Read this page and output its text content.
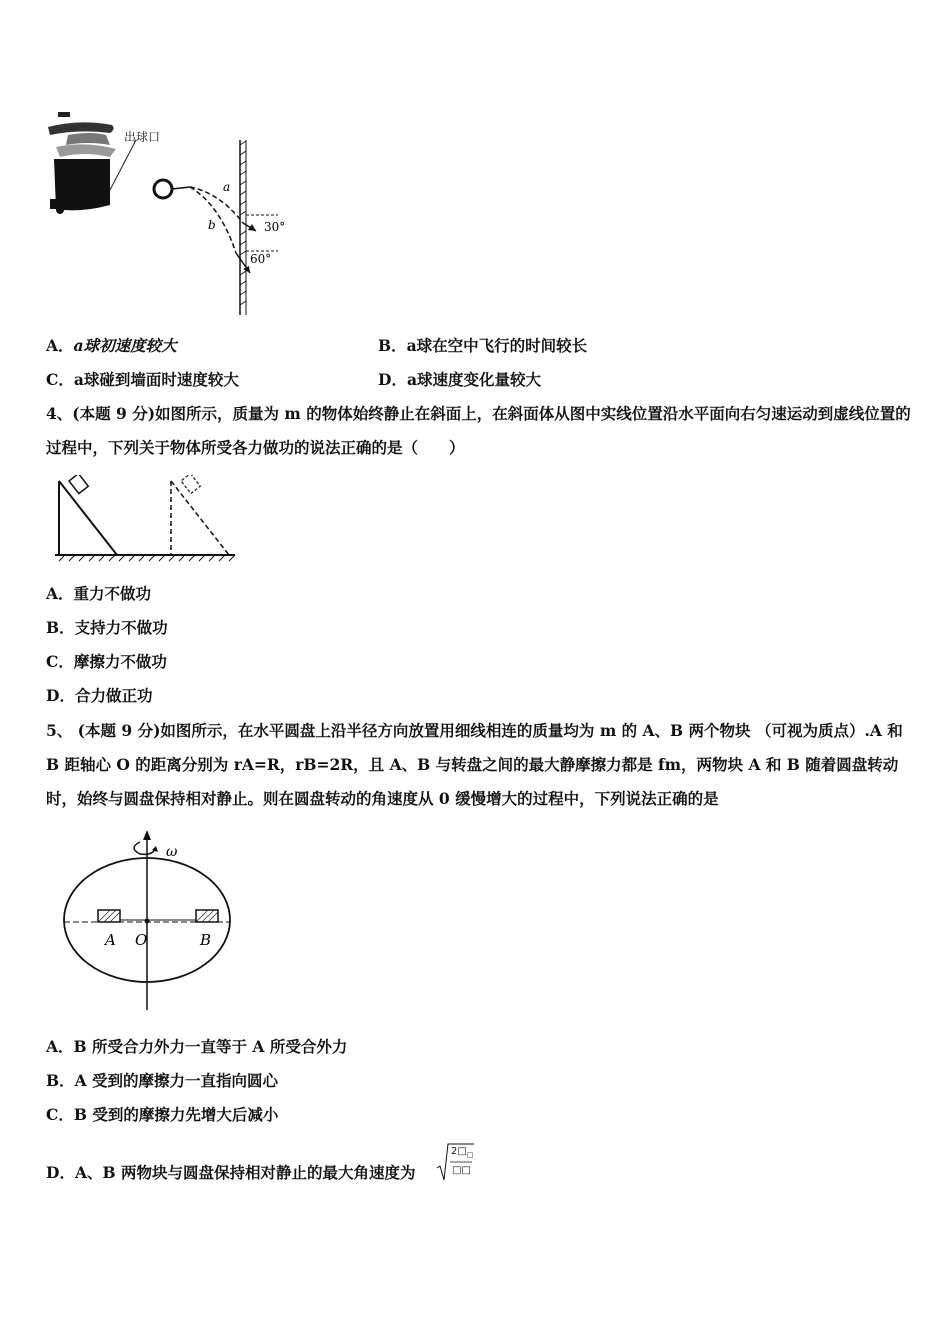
出球口
a
b	30°
60°
A．a球初速度较大	B．a球在空中飞行的时间较长
C．a球碰到墙面时速度较大	D．a球速度变化量较大
4、(本题 9 分)如图所示，质量为 m 的物体始终静止在斜面上，在斜面体从图中实线位置沿水平面向右匀速运动到虚线位置的过程中，下列关于物体所受各力做功的说法正确的是（　　）
A．重力不做功
B．支持力不做功
C．摩擦力不做功
D．合力做正功
5、 (本题 9 分)如图所示，在水平圆盘上沿半径方向放置用细线相连的质量均为 m 的 A、B 两个物块 （可视为质点）.A 和 B 距轴心 O 的距离分别为 rA=R，rB=2R，且 A、B 与转盘之间的最大静摩擦力都是 fm，两物块 A 和 B 随着圆盘转动时，始终与圆盘保持相对静止。则在圆盘转动的角速度从 0 缓慢增大的过程中，下列说法正确的是
ω
A O	B
A．B 所受合力外力一直等于 A 所受合外力
B．A 受到的摩擦力一直指向圆心
C．B 受到的摩擦力先增大后减小
D．A、B 两物块与圆盘保持相对静止的最大角速度为
$2□_□$
□□
